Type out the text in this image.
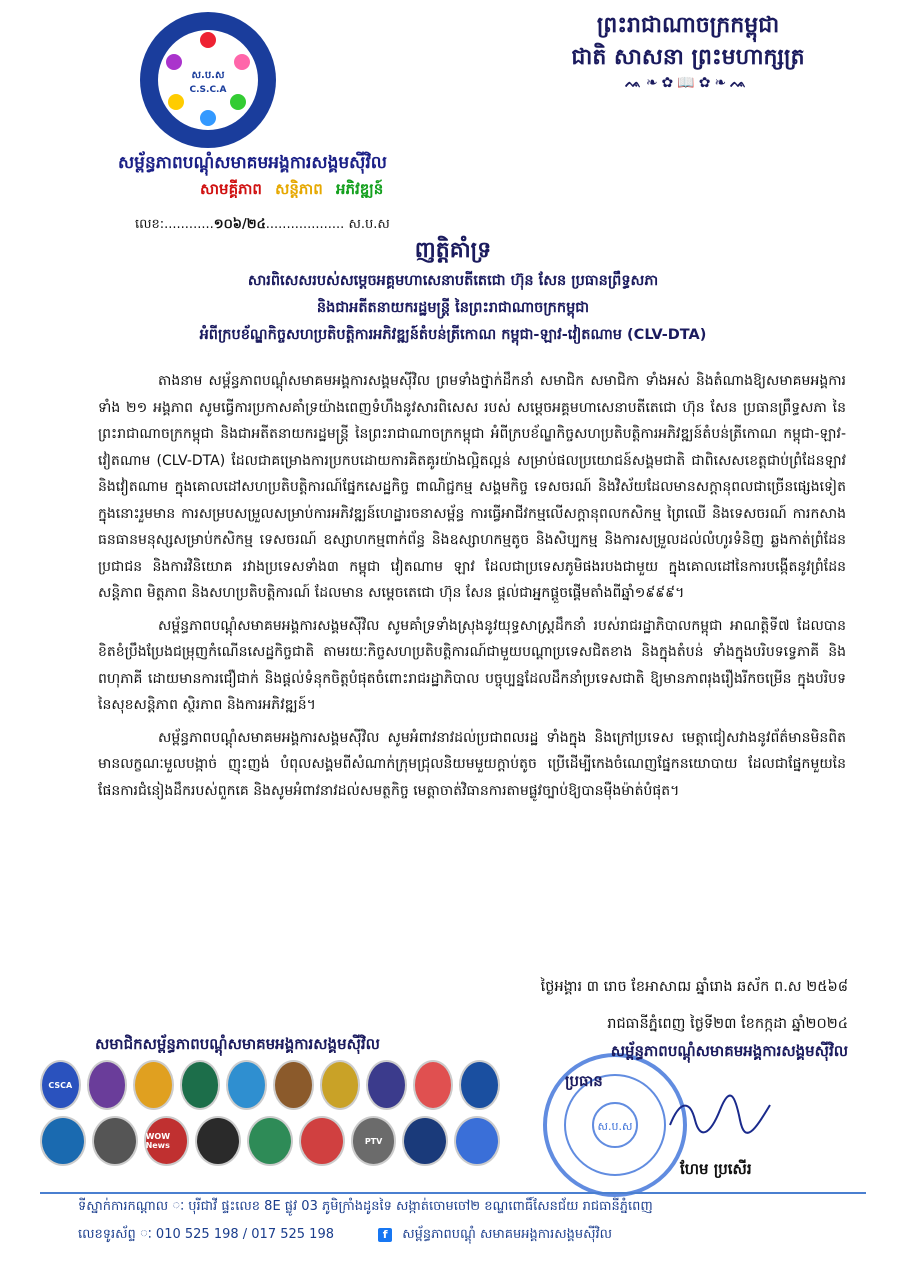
ស.ប.ស
C.S.C.A
សម្ព័ន្ធភាពបណ្តុំសមាគមអង្គការសង្គមស៊ីវិល
សាមគ្គីភាព សន្តិភាព អភិវឌ្ឍន៍
លេខ:............១០៦/២៤................... ស.ប.ស
ព្រះរាជាណាចក្រកម្ពុជា
ជាតិ សាសនា ព្រះមហាក្សត្រ
ᨕ❧✿📖✿❧ᨕ
ញត្តិគាំទ្រ
សារពិសេសរបស់សម្តេចអគ្គមហាសេនាបតីតេជោ ហ៊ុន សែន ប្រធានព្រឹទ្ធសភា
និងជាអតីតនាយករដ្ឋមន្ត្រី នៃព្រះរាជាណាចក្រកម្ពុជា
អំពីក្របខ័ណ្ឌកិច្ចសហប្រតិបត្តិការអភិវឌ្ឍន៍តំបន់ត្រីកោណ កម្ពុជា-ឡាវ-វៀតណាម (CLV-DTA)

តាងនាម សម្ព័ន្ធភាពបណ្តុំសមាគមអង្គការសង្គមស៊ីវិល ព្រមទាំងថ្នាក់ដឹកនាំ សមាជិក សមាជិកា ទាំងអស់ និងតំណាងឱ្យសមាគមអង្គការ ទាំង ២១ អង្គភាព សូមធ្វើការប្រកាសគាំទ្រយ៉ាងពេញទំហឹងនូវសារពិសេស របស់ សម្តេចអគ្គមហាសេនាបតីតេជោ ហ៊ុន សែន ប្រធានព្រឹទ្ធសភា នៃព្រះរាជាណាចក្រកម្ពុជា និងជាអតីតនាយករដ្ឋមន្ត្រី នៃព្រះរាជាណាចក្រកម្ពុជា អំពីក្របខ័ណ្ឌកិច្ចសហប្រតិបត្តិការអភិវឌ្ឍន៍តំបន់ត្រីកោណ កម្ពុជា-ឡាវ-វៀតណាម (CLV-DTA) ដែលជាគម្រោងការប្រកបដោយការគិតគូរយ៉ាងល្អិតល្អន់ សម្រាប់ផលប្រយោជន៍សង្គមជាតិ ជាពិសេសខេត្តជាប់ព្រំដែនឡាវ និងវៀតណាម ក្នុងគោលដៅសហប្រតិបត្តិការណ៍ផ្នែកសេដ្ឋកិច្ច ពាណិជ្ជកម្ម សង្គមកិច្ច ទេសចរណ៍ និងវិស័យដែលមានសក្តានុពលជាច្រើនផ្សេងទៀត ក្នុងនោះរួមមាន ការសម្របសម្រួលសម្រាប់ការអភិវឌ្ឍន៍ហេដ្ឋារចនាសម្ព័ន្ធ ការធ្វើអាជីវកម្មលើសក្តានុពលកសិកម្ម ព្រៃឈើ និងទេសចរណ៍ ការកសាងធនធានមនុស្សសម្រាប់កសិកម្ម ទេសចរណ៍ ឧស្សាហកម្មពាក់ព័ន្ធ និងឧស្សាហកម្មតូច និងសិប្បកម្ម និងការសម្រួលដល់លំហូរទំនិញ ឆ្លងកាត់ព្រំដែន ប្រជាជន និងការវិនិយោគ រវាងប្រទេសទាំង៣ កម្ពុជា វៀតណាម ឡាវ ដែលជាប្រទេសភូមិផងរបងជាមួយ ក្នុងគោលដៅនៃការបង្កើតនូវព្រំដែនសន្តិភាព មិត្តភាព និងសហប្រតិបត្តិការណ៍ ដែលមាន សម្តេចតេជោ ហ៊ុន សែន ផ្តល់ជាអ្នកផ្តួចផ្តើមតាំងពីឆ្នាំ១៩៩៩។

សម្ព័ន្ធភាពបណ្តុំសមាគមអង្គការសង្គមស៊ីវិល សូមគាំទ្រទាំងស្រុងនូវយុទ្ធសាស្ត្រដឹកនាំ របស់រាជរដ្ឋាភិបាលកម្ពុជា អាណត្តិទី៧ ដែលបានខិតខំប្រឹងប្រែងជម្រុញកំណើនសេដ្ឋកិច្ចជាតិ តាមរយៈកិច្ចសហប្រតិបត្តិការណ៍ជាមួយបណ្តាប្រទេសជិតខាង និងក្នុងតំបន់ ទាំងក្នុងបរិបទទ្វេភាគី និងពហុភាគី ដោយមានការជឿជាក់ និងផ្តល់ទំនុកចិត្តបំផុតចំពោះរាជរដ្ឋាភិបាល បច្ចុប្បន្នដែលដឹកនាំប្រទេសជាតិ ឱ្យមានភាពរុងរឿងរីកចម្រើន ក្នុងបរិបទនៃសុខសន្តិភាព ស្ថិរភាព និងការអភិវឌ្ឍន៍។

សម្ព័ន្ធភាពបណ្តុំសមាគមអង្គការសង្គមស៊ីវិល សូមអំពាវនាវដល់ប្រជាពលរដ្ឋ ទាំងក្នុង និងក្រៅប្រទេស មេត្តាជៀសវាងនូវព័ត៌មានមិនពិត មានលក្ខណៈមួលបង្កាច់ ញុះញង់ បំពុលសង្គមពីសំណាក់ក្រុមជ្រុលនិយមមួយក្តាប់តូច ប្រើដើម្បីកេងចំណេញផ្នែកនយោបាយ ដែលជាផ្នែកមួយនៃផែនការជំនៀងដឹករបស់ពួកគេ និងសូមអំពាវនាវដល់សមត្ថកិច្ច មេត្តាចាត់វិធានការតាមផ្លូវច្បាប់ឱ្យបានម៉ឺងម៉ាត់បំផុត។

ថ្ងៃអង្គារ ៣ រោច ខែអាសាឍ ឆ្នាំរោង ឆស័ក ព.ស ២៥៦៨
រាជធានីភ្នំពេញ ថ្ងៃទី២៣ ខែកក្កដា ឆ្នាំ២០២៤
ស.ប.ស
សម្ព័ន្ធភាពបណ្តុំសមាគមអង្គការសង្គមស៊ីវិល
ប្រធាន
ហែម ប្រសើរ
សមាជិកសម្ព័ន្ធភាពបណ្តុំសមាគមអង្គការសង្គមស៊ីវិល
CSCA
WOW News	PTV
ទីស្នាក់ការកណ្តាល ៈ បុរីជាវី ផ្ទះលេខ 8E ផ្លូវ 03 ភូមិក្រាំងដូនទៃ សង្កាត់ចោមចៅ២ ខណ្ឌពោធិ៍សែនជ័យ រាជធានីភ្នំពេញ
លេខទូរស័ព្ទ ៈ 010 525 198 / 017 525 198	f សម្ព័ន្ធភាពបណ្តុំ សមាគមអង្គការសង្គមស៊ីវិល
